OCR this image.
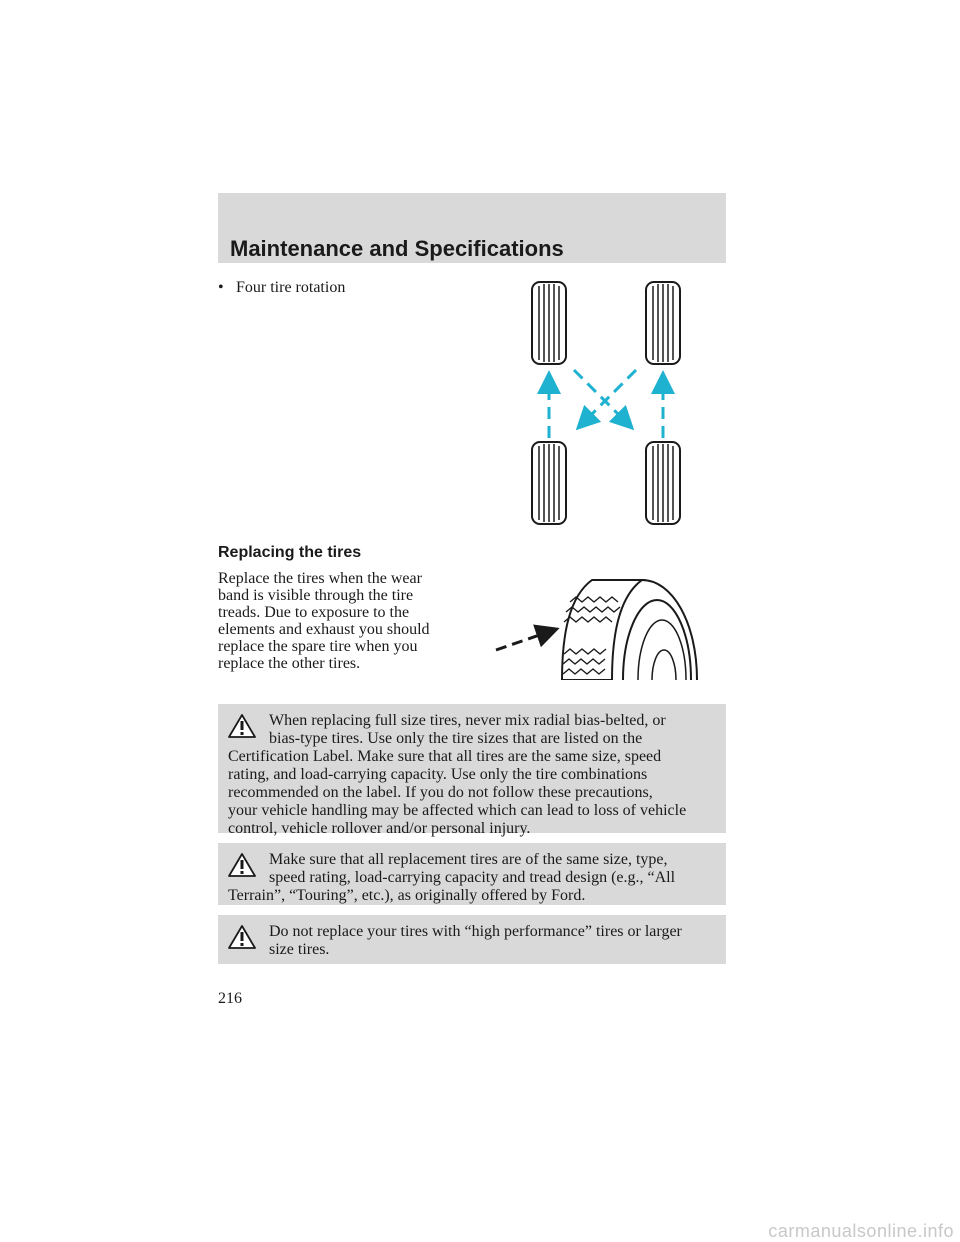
Maintenance and Specifications
• Four tire rotation
Replacing the tires
Replace the tires when the wear
band is visible through the tire
treads. Due to exposure to the
elements and exhaust you should
replace the spare tire when you
replace the other tires.
When replacing full size tires, never mix radial bias-belted, or
bias-type tires. Use only the tire sizes that are listed on the
Certification Label. Make sure that all tires are the same size, speed
rating, and load-carrying capacity. Use only the tire combinations
recommended on the label. If you do not follow these precautions,
your vehicle handling may be affected which can lead to loss of vehicle
control, vehicle rollover and/or personal injury.
Make sure that all replacement tires are of the same size, type,
speed rating, load-carrying capacity and tread design (e.g., “All
Terrain”, “Touring”, etc.), as originally offered by Ford.
Do not replace your tires with “high performance” tires or larger
size tires.
216
carmanualsonline.info
